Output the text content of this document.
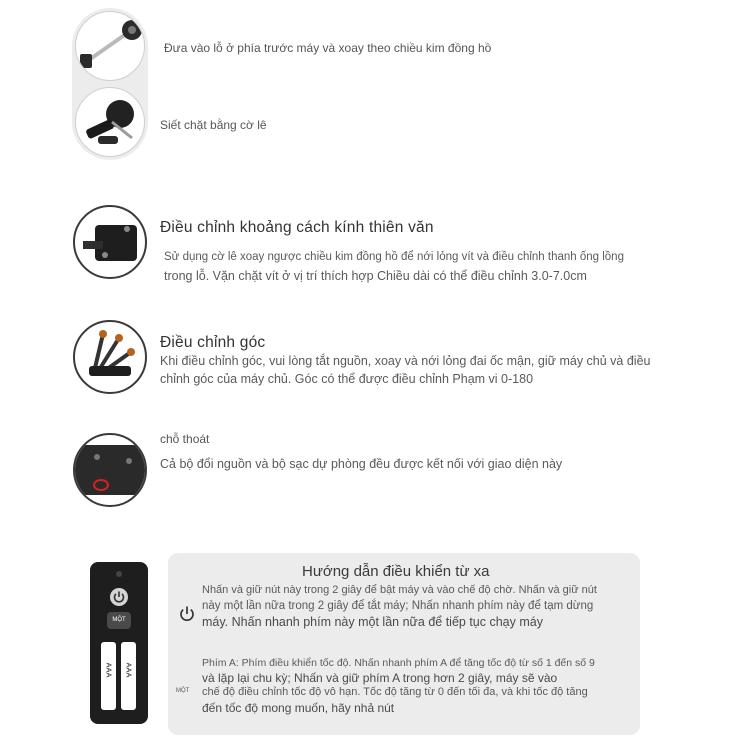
Đưa vào lỗ ở phía trước máy và xoay theo chiều kim đồng hồ

Siết chặt bằng cờ lê

Điều chỉnh khoảng cách kính thiên văn

Sử dụng cờ lê xoay ngược chiều kim đồng hồ để nới lỏng vít và điều chỉnh thanh ống lồng

trong lỗ. Vặn chặt vít ở vị trí thích hợp Chiều dài có thể điều chỉnh 3.0-7.0cm

Điều chỉnh góc

Khi điều chỉnh góc, vui lòng tắt nguồn, xoay và nới lỏng đai ốc mận, giữ máy chủ và điều

chỉnh góc của máy chủ. Góc có thể được điều chỉnh Phạm vi 0-180

chỗ thoát

Cả bộ đổi nguồn và bộ sạc dự phòng đều được kết nối với giao diện này

MỘT
AAA AAA

Hướng dẫn điều khiển từ xa

Nhấn và giữ nút này trong 2 giây để bật máy và vào chế độ chờ. Nhấn và giữ nút

này một lần nữa trong 2 giây để tắt máy; Nhấn nhanh phím này để tạm dừng

máy. Nhấn nhanh phím này một lần nữa để tiếp tục chạy máy

MỘT

Phím A: Phím điều khiển tốc độ. Nhấn nhanh phím A để tăng tốc độ từ số 1 đến số 9

và lặp lại chu kỳ; Nhấn và giữ phím A trong hơn 2 giây, máy sẽ vào

chế độ điều chỉnh tốc độ vô hạn. Tốc độ tăng từ 0 đến tối đa, và khi tốc độ tăng

đến tốc độ mong muốn, hãy nhả nút
